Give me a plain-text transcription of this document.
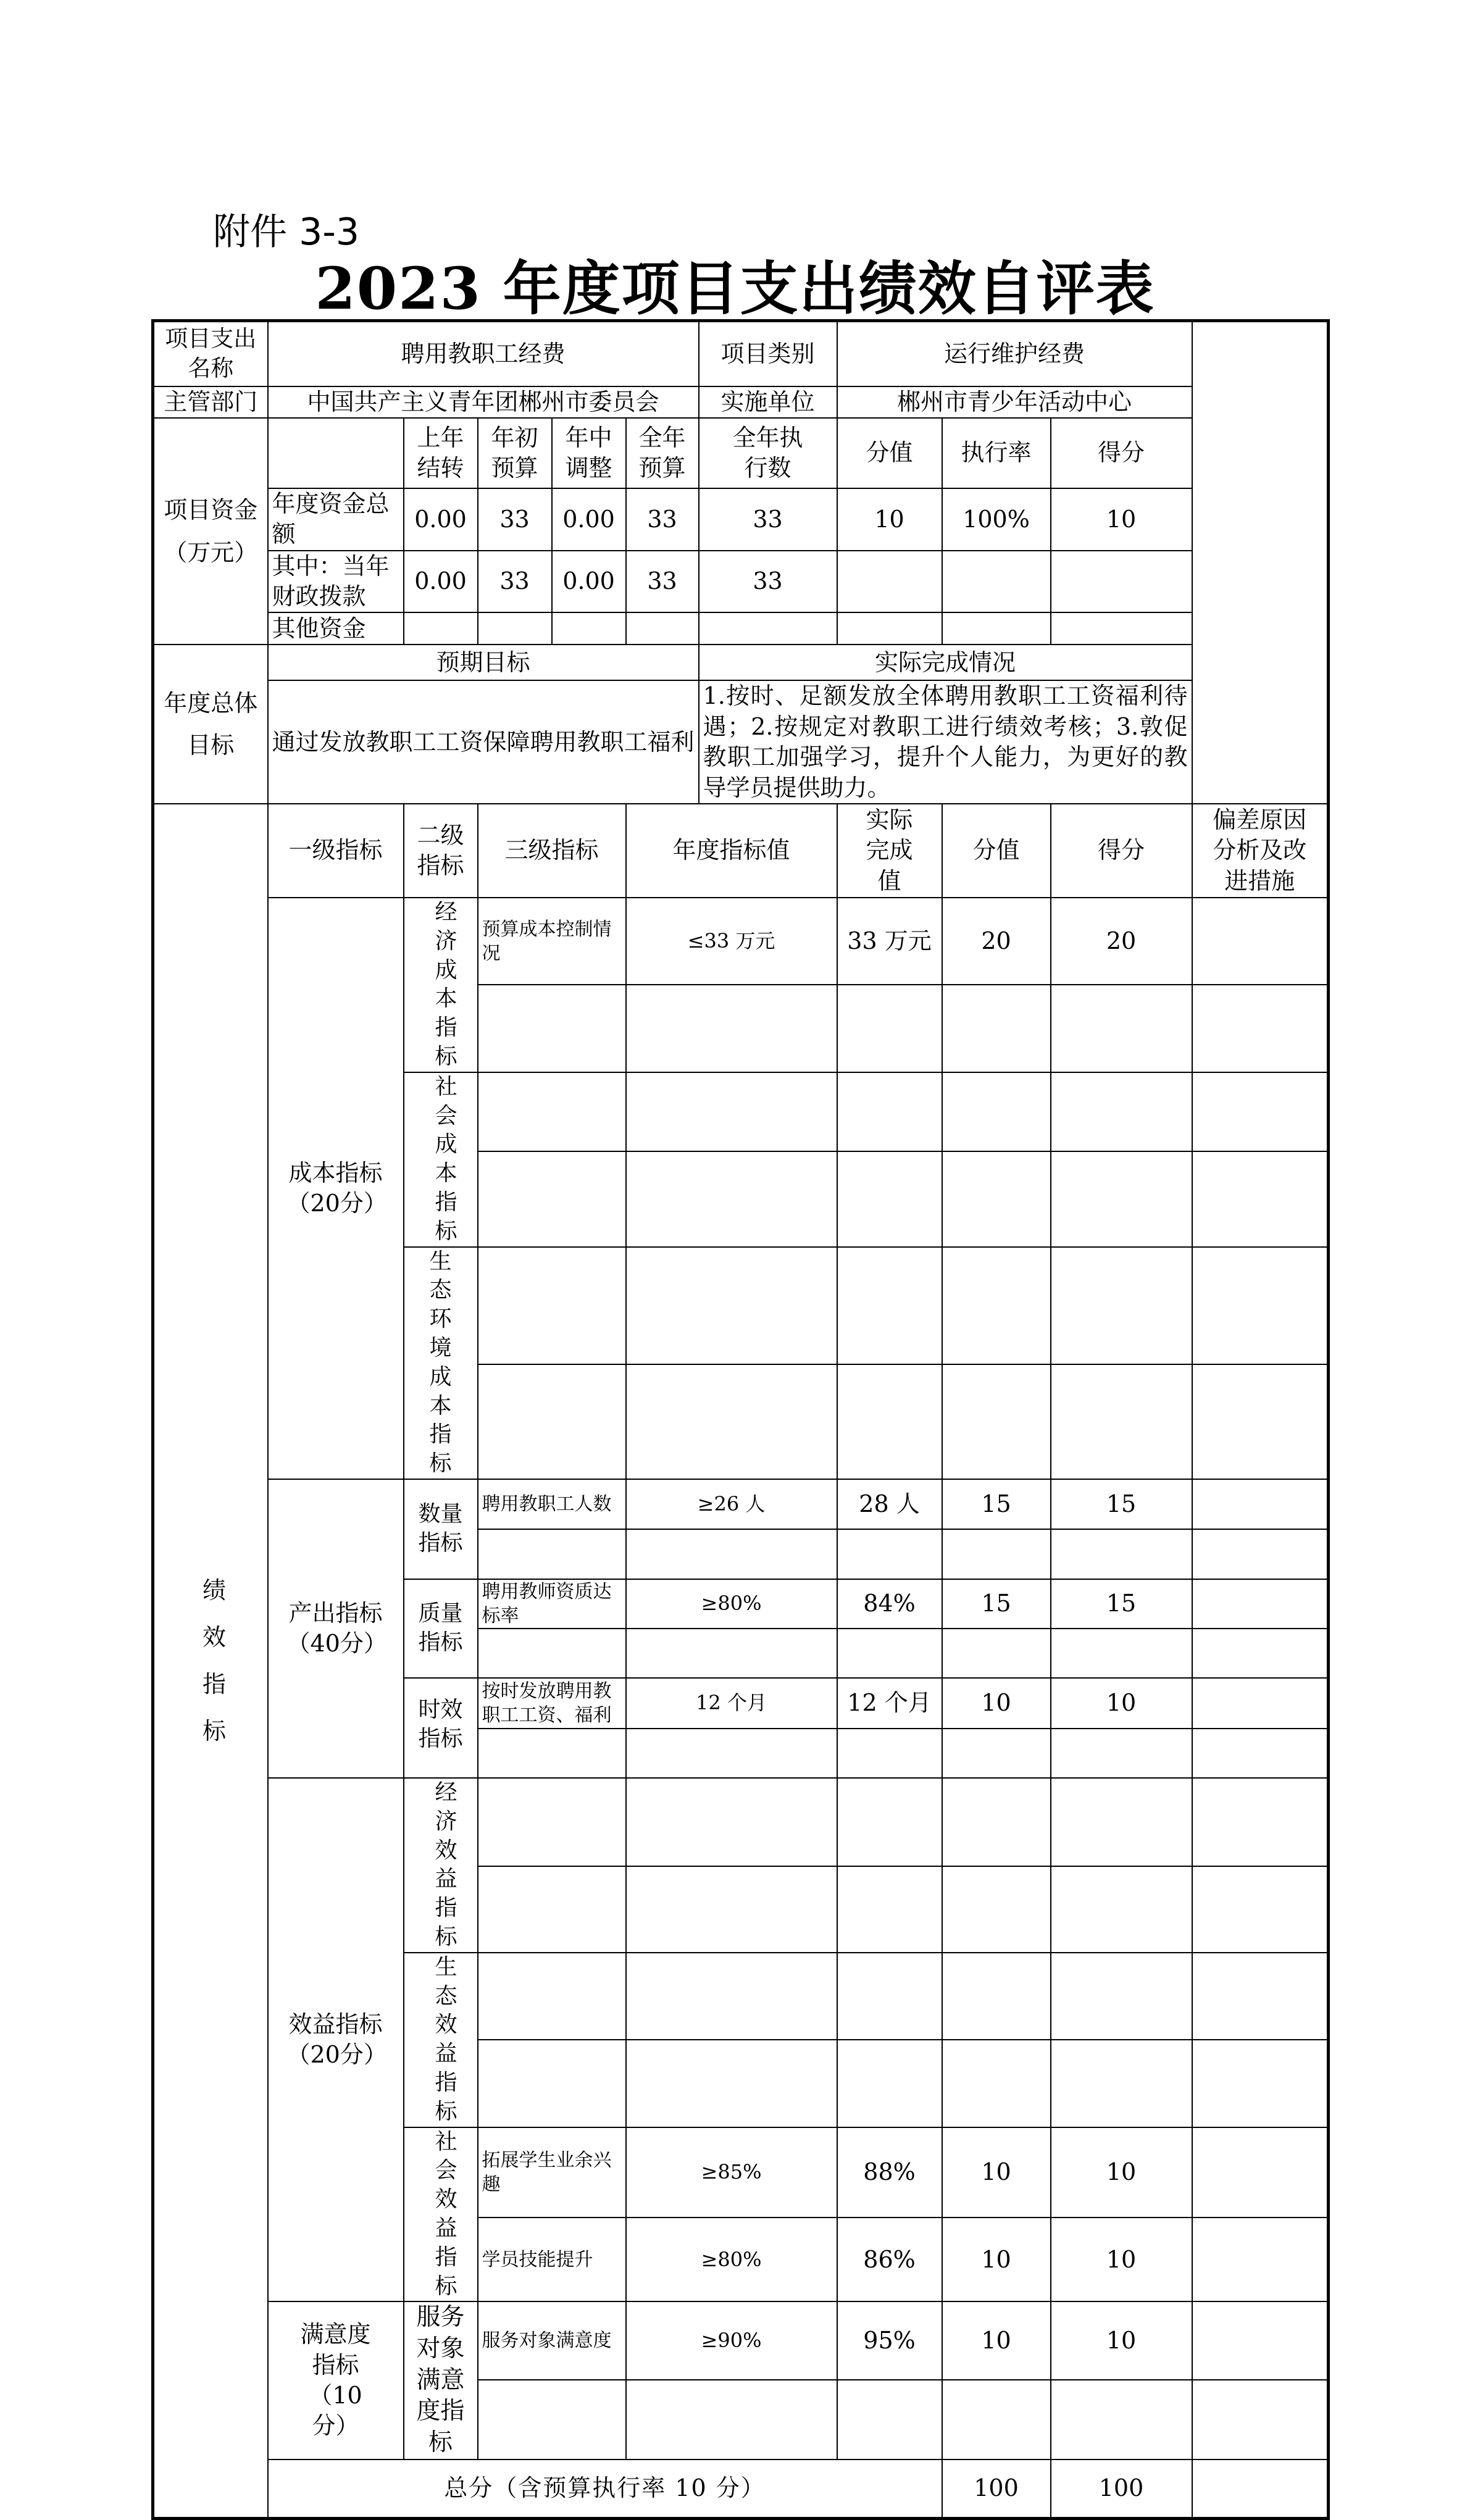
附件 3-3
2023 年度项目支出绩效自评表
项目支出名称	聘用教职工经费					项目类别	运行维护经费			
主管部门	中国共产主义青年团郴州市委员会					实施单位	郴州市青少年活动中心			
项目资金（万元）		上年结转	年初预算	年中调整	全年预算	全年执行数	分值	执行率	得分	
	年度资金总额	0.00	33	0.00	33	33	10	100%	10	
	其中：当年财政拨款	0.00	33	0.00	33	33				
	其他资金									
年度总体目标	预期目标					实际完成情况				
	通过发放教职工工资保障聘用教职工福利					1.按时、足额发放全体聘用教职工工资福利待遇；2.按规定对教职工进行绩效考核；3.敦促教职工加强学习，提升个人能力，为更好的教导学员提供助力。				
绩效指标	一级指标	二级指标	三级指标		年度指标值		实际完成值	分值	得分	偏差原因分析及改进措施
	成本指标（20分）	经济成本指标	预算成本控制情况		≤33 万元		33 万元	20	20	

		社会成本指标								

		生态环境成本指标								

	产出指标（40分）	数量指标	聘用教职工人数		≥26 人		28 人	15	15	

		质量指标	聘用教师资质达标率		≥80%		84%	15	15	

		时效指标	按时发放聘用教职工工资、福利		12 个月		12 个月	10	10	

	效益指标（20分）	经济效益指标								

		生态效益指标								

		社会效益指标	拓展学生业余兴趣		≥85%		88%	10	10	
			学员技能提升		≥80%		86%	10	10	
	满意度指标（10分）	服务对象满意度指标	服务对象满意度		≥90%		95%	10	10	

	总分（含预算执行率 10 分）							100	100	
